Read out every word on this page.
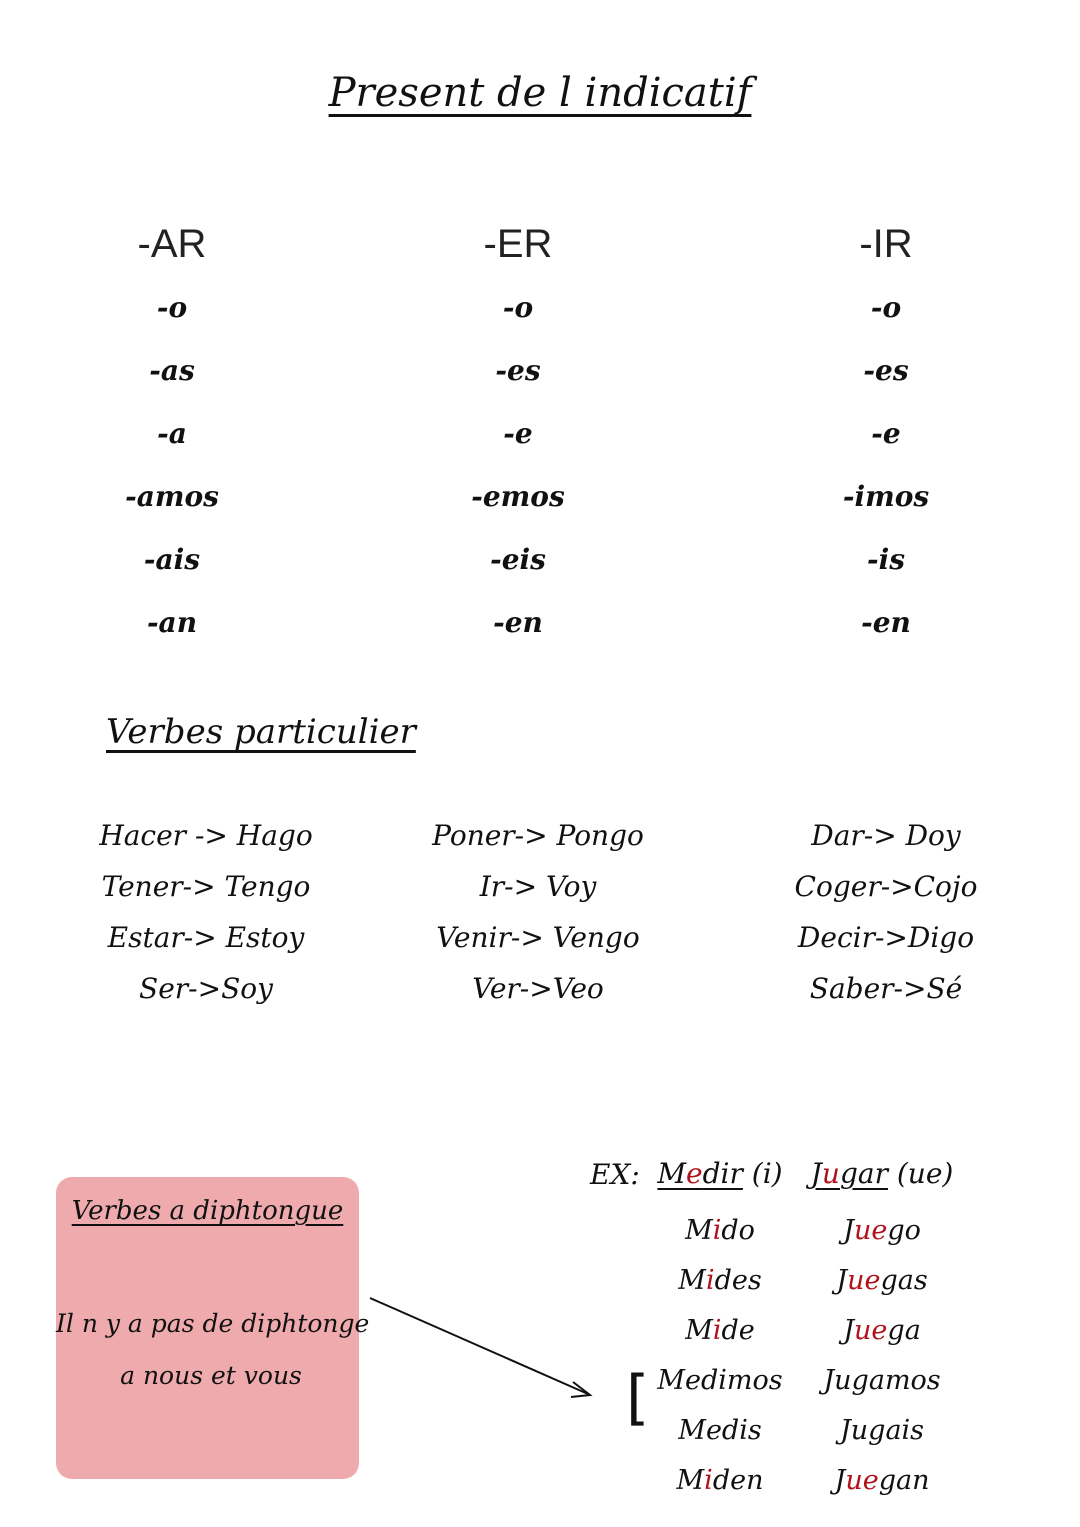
Present de l indicatif
-AR
-o
-as
-a
-amos
-ais
-an
-ER
-o
-es
-e
-emos
-eis
-en
-IR
-o
-es
-e
-imos
-is
-en
Verbes particulier
Hacer -> Hago
Tener-> Tengo
Estar-> Estoy
Ser->Soy
Poner-> Pongo
Ir-> Voy
Venir-> Vengo
Ver->Veo
Dar-> Doy
Coger->Cojo
Decir->Digo
Saber->Sé
Verbes a diphtongue
Il n y a pas de diphtonge
a nous et vous
EX: Medir (i)
Mido
Mides
Mide
Medimos
Medis
Miden
Jugar (ue)
Juego
Juegas
Juega
Jugamos
Jugais
Juegan
[
